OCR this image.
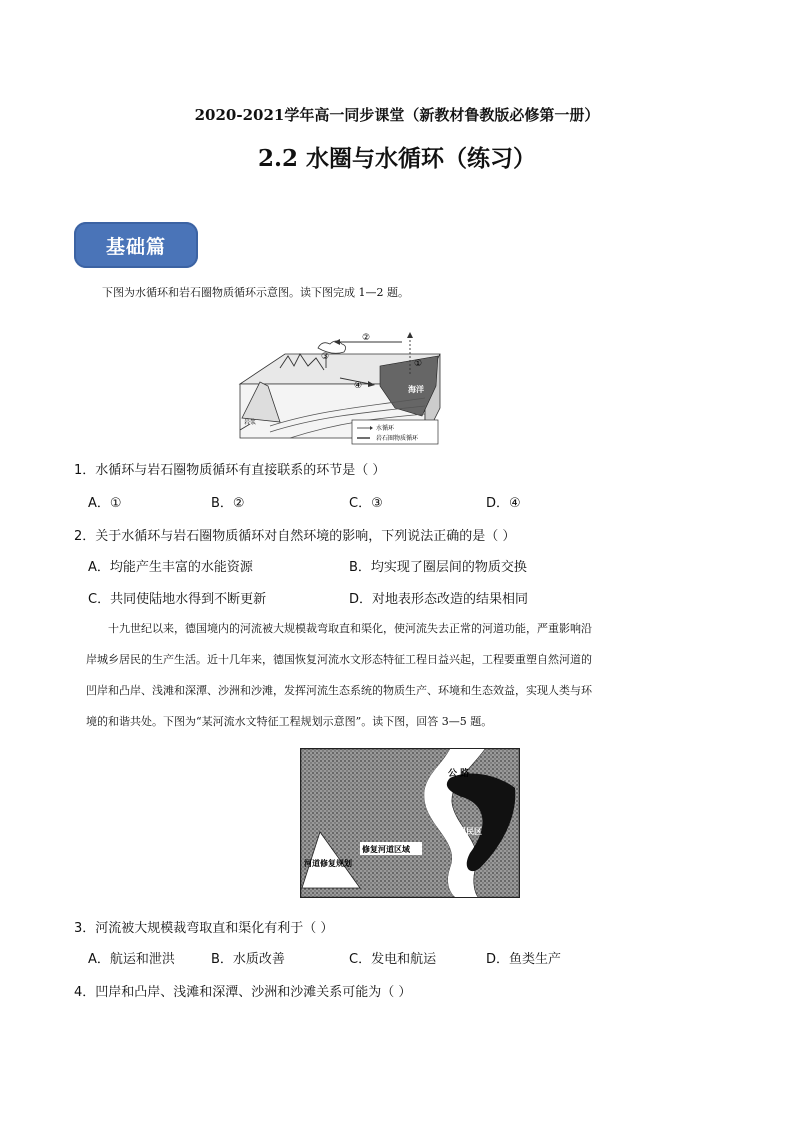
2020-2021学年高一同步课堂（新教材鲁教版必修第一册）
2.2 水圈与水循环（练习）
基础篇
下图为水循环和岩石圈物质循环示意图。读下图完成 1—2 题。
海洋
②
①
③
④
岩浆
水循环
岩石圈物质循环
1．水循环与岩石圈物质循环有直接联系的环节是（ ）
A．①	B．②	C．③	D．④
2．关于水循环与岩石圈物质循环对自然环境的影响，下列说法正确的是（ ）
A．均能产生丰富的水能资源	B．均实现了圈层间的物质交换
C．共同使陆地水得到不断更新	D．对地表形态改造的结果相同

十九世纪以来，德国境内的河流被大规模裁弯取直和渠化，使河流失去正常的河道功能，严重影响沿

岸城乡居民的生产生活。近十几年来，德国恢复河流水文形态特征工程日益兴起，工程要重塑自然河道的
凹岸和凸岸、浅滩和深潭、沙洲和沙滩，发挥河流生态系统的物质生产、环境和生态效益，实现人类与环
境的和谐共处。下图为“某河流水文特征工程规划示意图”。读下图，回答 3—5 题。
公 路
居民区
修复河道区域
河道修复规划
3．河流被大规模裁弯取直和渠化有利于（ ）
A．航运和泄洪	B．水质改善	C．发电和航运	D．鱼类生产
4．凹岸和凸岸、浅滩和深潭、沙洲和沙滩关系可能为（ ）
